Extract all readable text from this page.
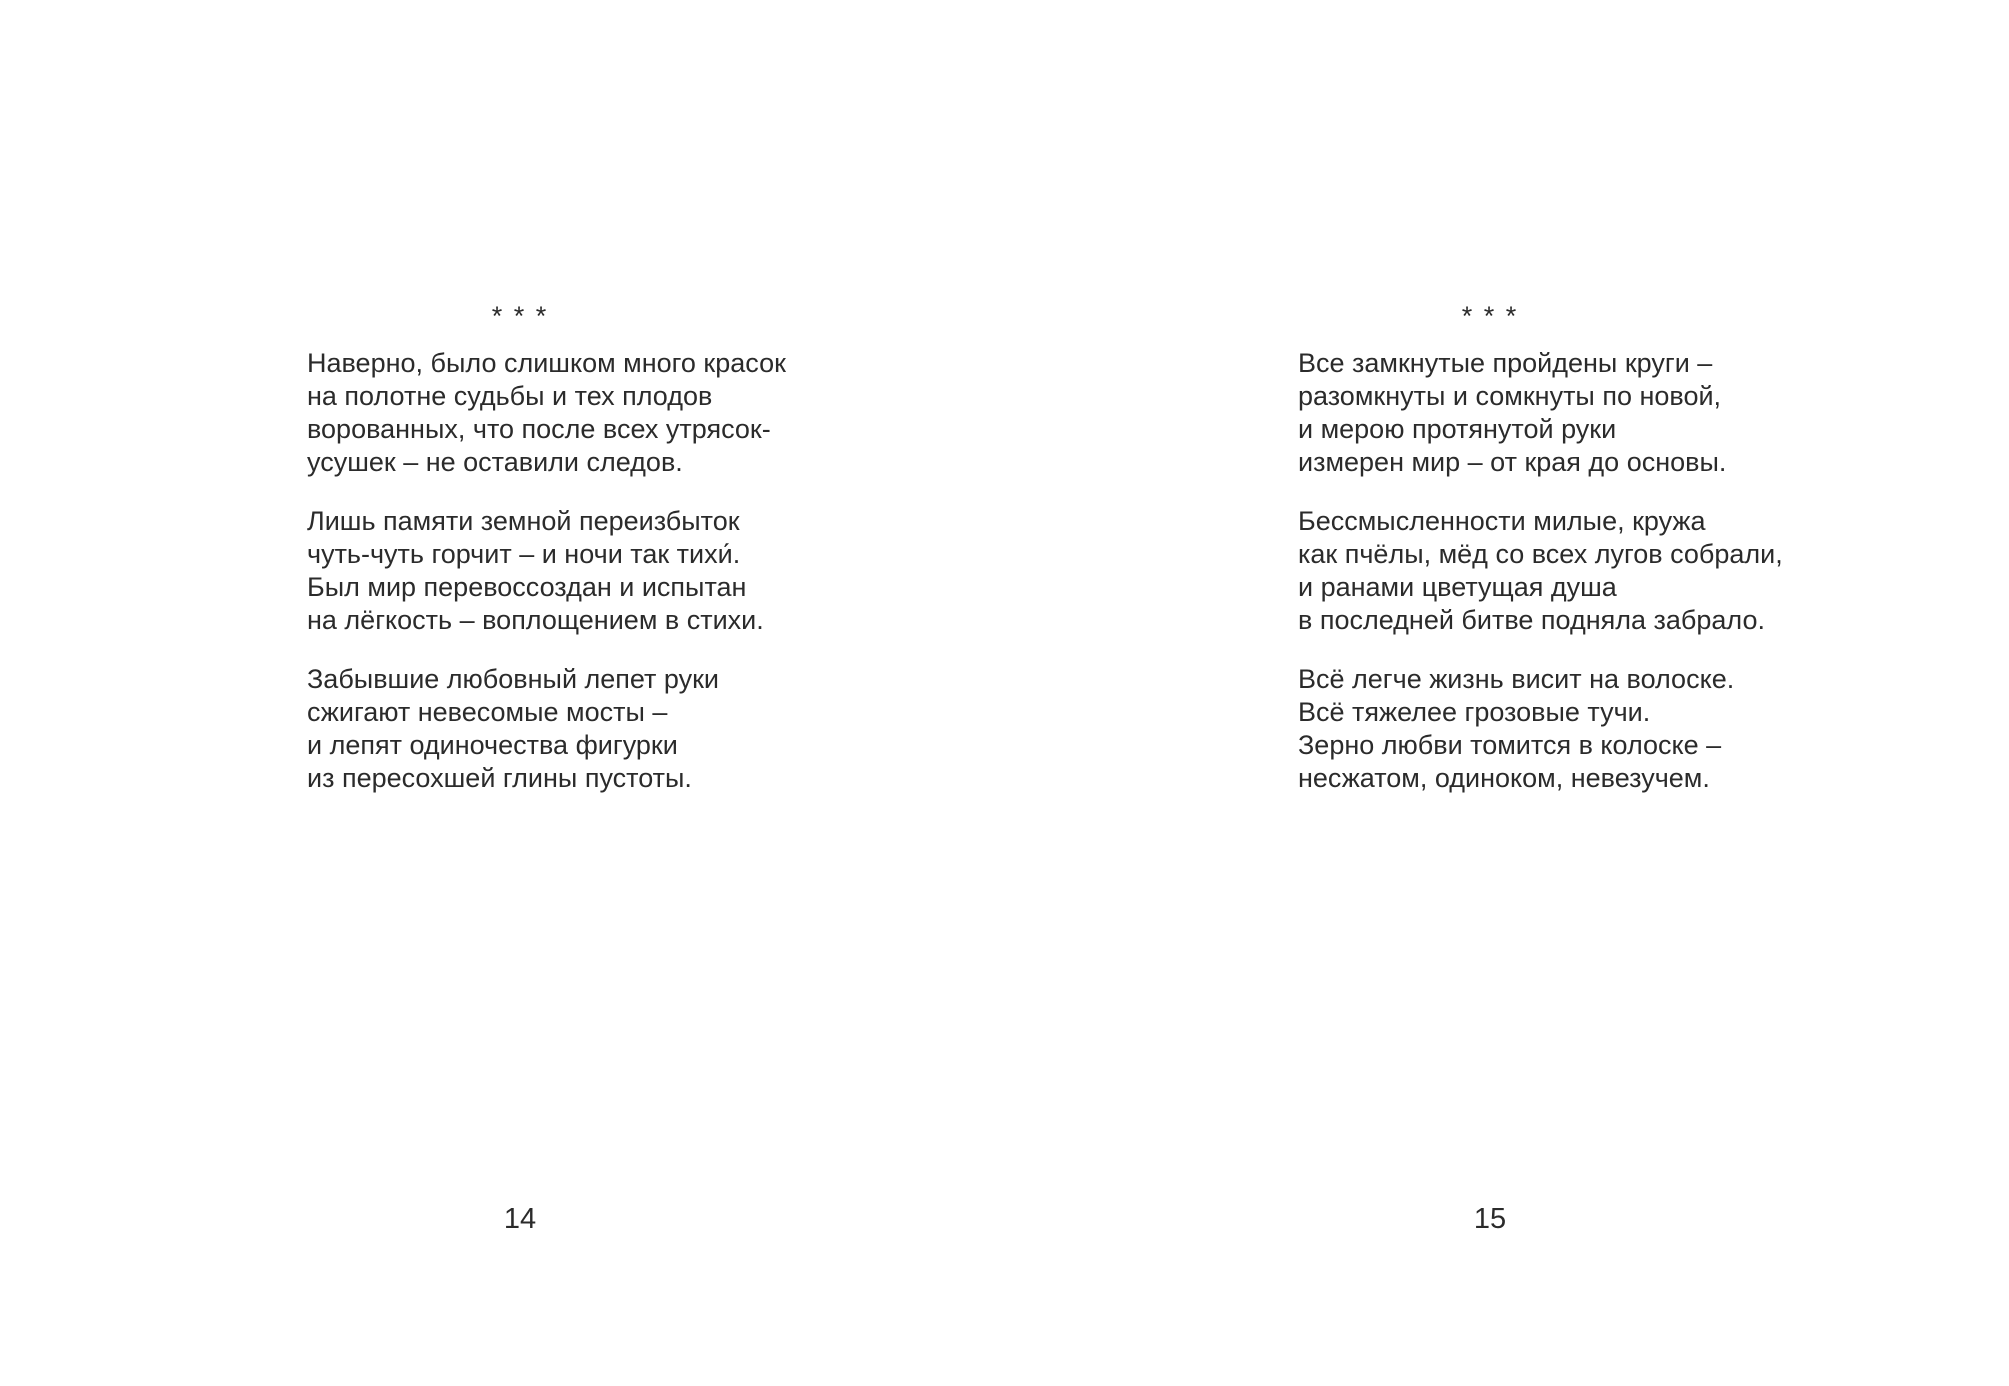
* * *
Наверно, было слишком много красок
на полотне судьбы и тех плодов
ворованных, что после всех утрясок-
усушек – не оставили следов.
Лишь памяти земной переизбыток
чуть-чуть горчит – и ночи так тихи́.
Был мир перевоссоздан и испытан
на лёгкость – воплощением в стихи.
Забывшие любовный лепет руки
сжигают невесомые мосты –
и лепят одиночества фигурки
из пересохшей глины пустоты.
14
* * *
Все замкнутые пройдены круги –
разомкнуты и сомкнуты по новой,
и мерою протянутой руки
измерен мир – от края до основы.
Бессмысленности милые, кружа
как пчёлы, мёд со всех лугов собрали,
и ранами цветущая душа
в последней битве подняла забрало.
Всё легче жизнь висит на волоске.
Всё тяжелее грозовые тучи.
Зерно любви томится в колоске –
несжатом, одиноком, невезучем.
15
